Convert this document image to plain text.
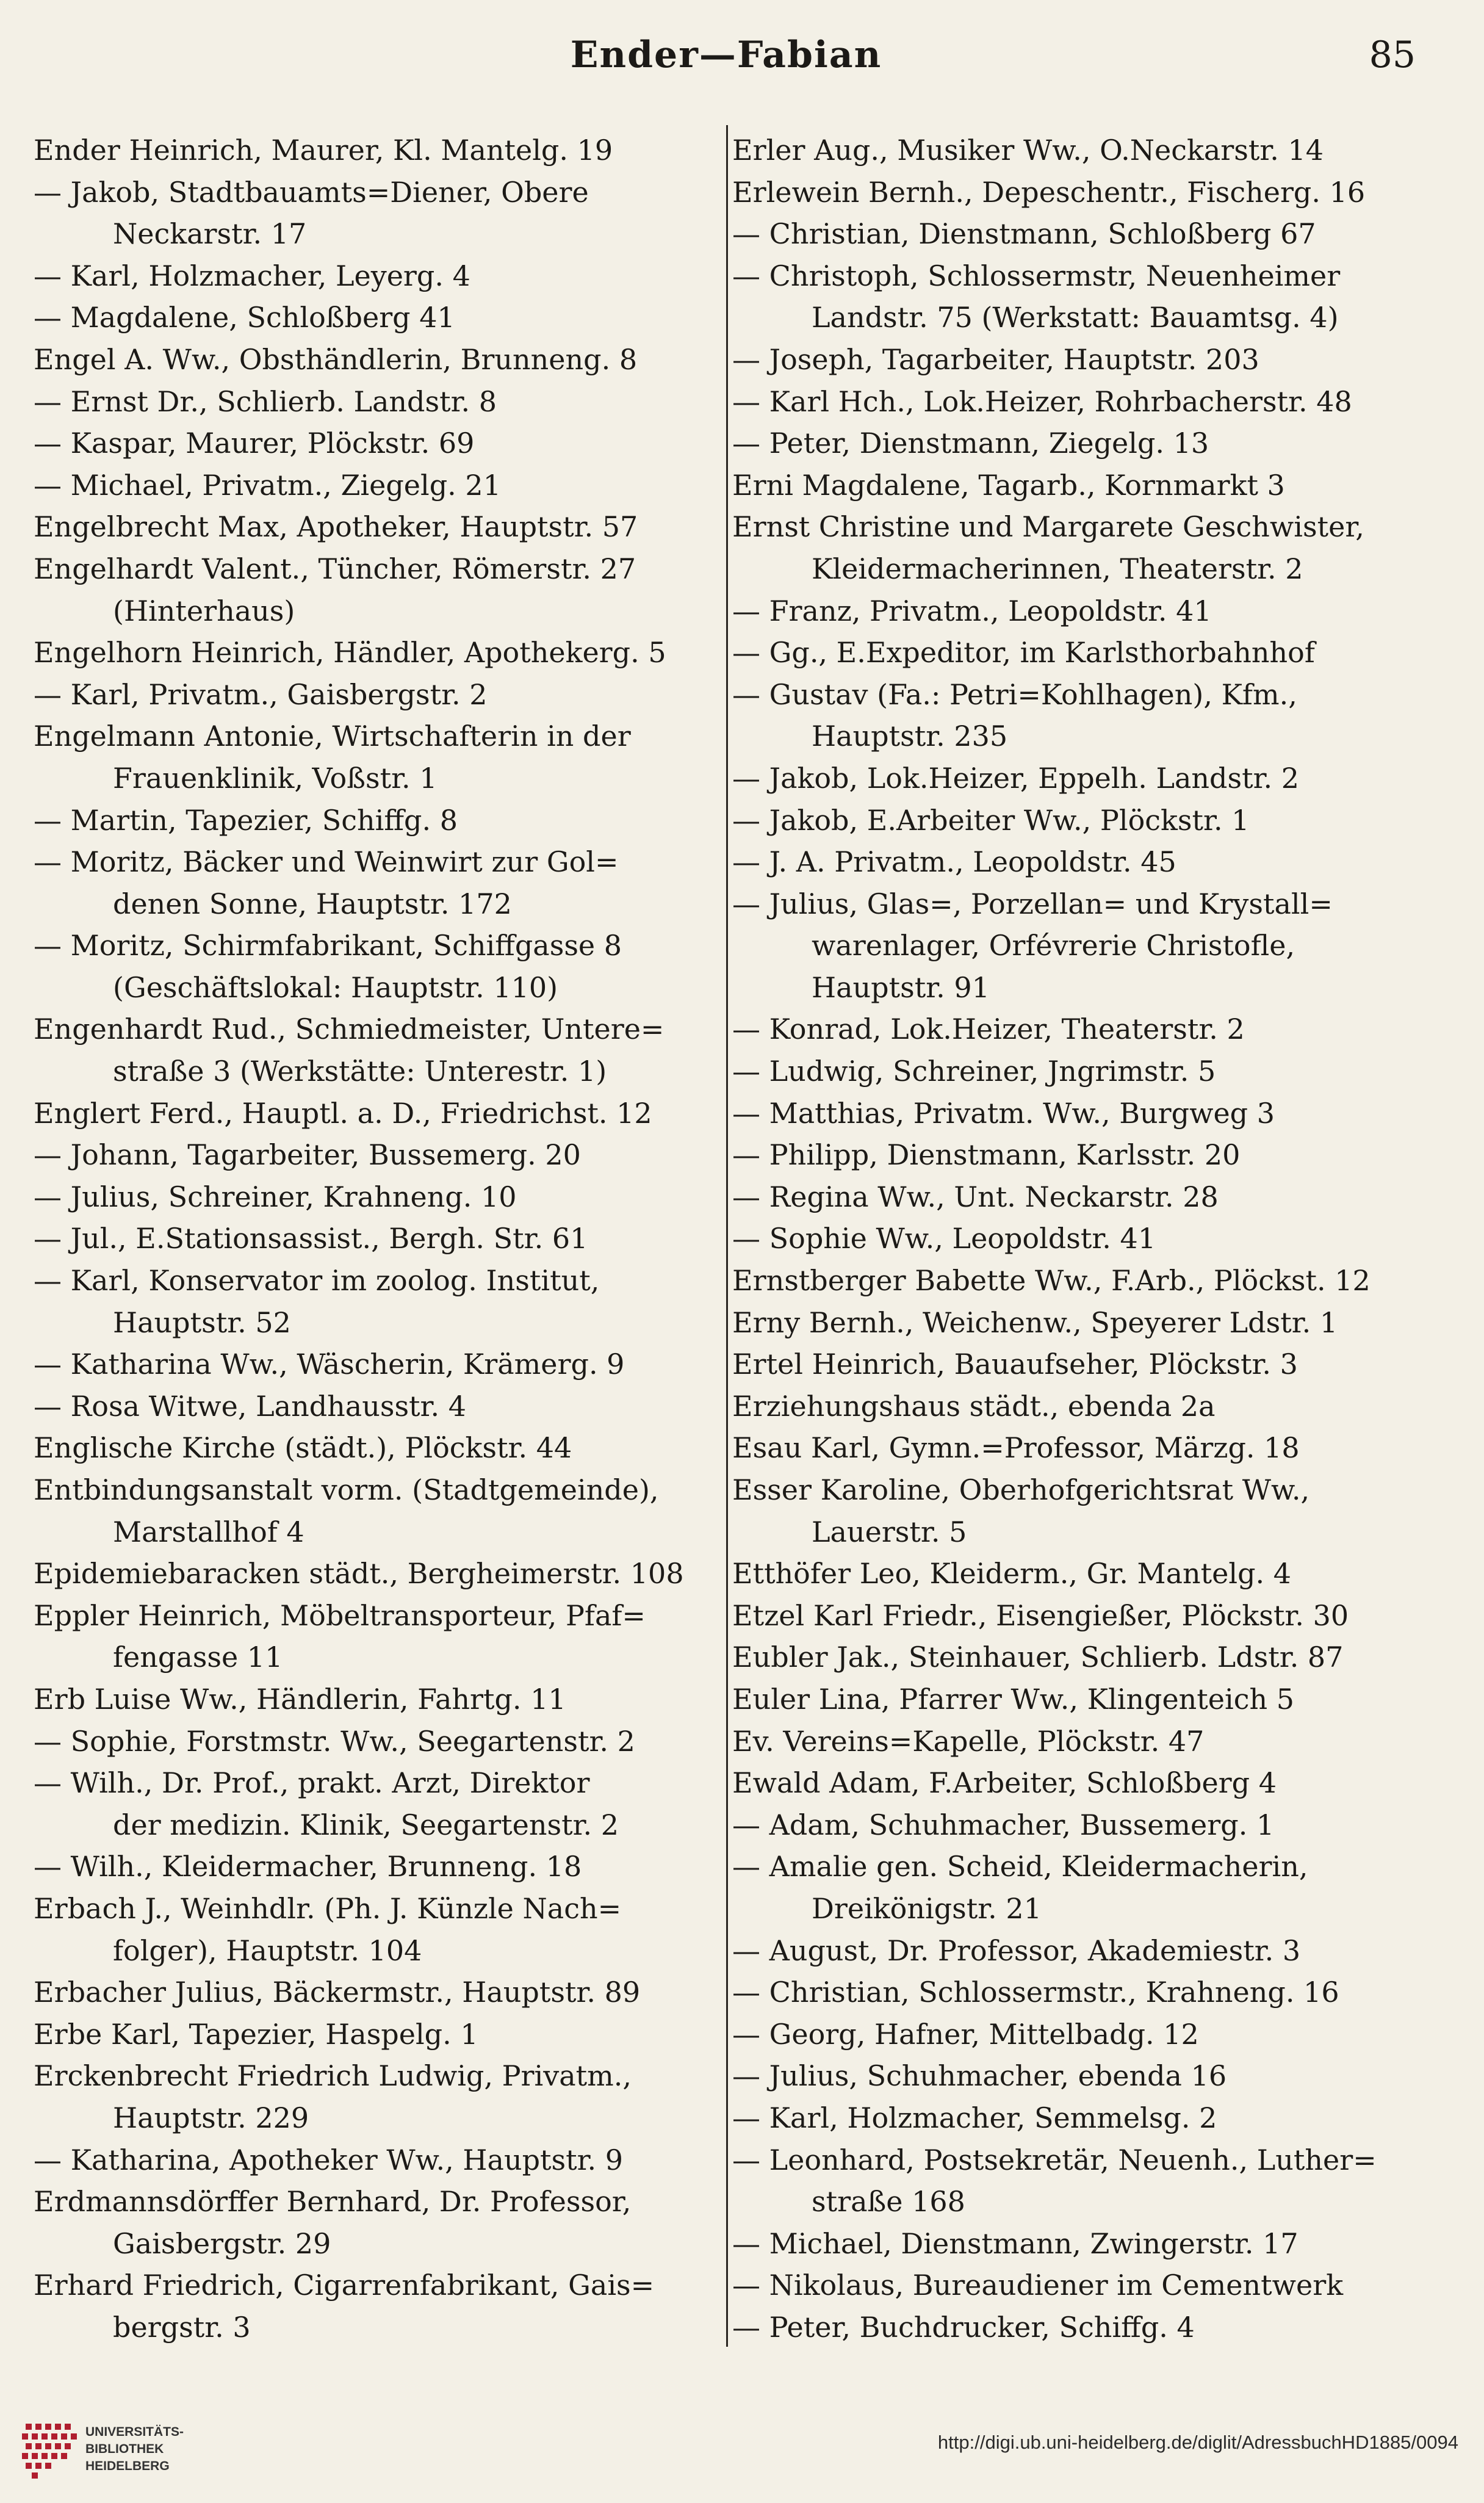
Ender—Fabian	85
Ender Heinrich, Maurer, Kl. Mantelg. 19
— Jakob, Stadtbauamts=Diener, Obere
Neckarstr. 17
— Karl, Holzmacher, Leyerg. 4
— Magdalene, Schloßberg 41
Engel A. Ww., Obsthändlerin, Brunneng. 8
— Ernst Dr., Schlierb. Landstr. 8
— Kaspar, Maurer, Plöckstr. 69
— Michael, Privatm., Ziegelg. 21
Engelbrecht Max, Apotheker, Hauptstr. 57
Engelhardt Valent., Tüncher, Römerstr. 27
(Hinterhaus)
Engelhorn Heinrich, Händler, Apothekerg. 5
— Karl, Privatm., Gaisbergstr. 2
Engelmann Antonie, Wirtschafterin in der
Frauenklinik, Voßstr. 1
— Martin, Tapezier, Schiffg. 8
— Moritz, Bäcker und Weinwirt zur Gol=
denen Sonne, Hauptstr. 172
— Moritz, Schirmfabrikant, Schiffgasse 8
(Geschäftslokal: Hauptstr. 110)
Engenhardt Rud., Schmiedmeister, Untere=
straße 3 (Werkstätte: Unterestr. 1)
Englert Ferd., Hauptl. a. D., Friedrichst. 12
— Johann, Tagarbeiter, Bussemerg. 20
— Julius, Schreiner, Krahneng. 10
— Jul., E.Stationsassist., Bergh. Str. 61
— Karl, Konservator im zoolog. Institut,
Hauptstr. 52
— Katharina Ww., Wäscherin, Krämerg. 9
— Rosa Witwe, Landhausstr. 4
Englische Kirche (städt.), Plöckstr. 44
Entbindungsanstalt vorm. (Stadtgemeinde),
Marstallhof 4
Epidemiebaracken städt., Bergheimerstr. 108
Eppler Heinrich, Möbeltransporteur, Pfaf=
fengasse 11
Erb Luise Ww., Händlerin, Fahrtg. 11
— Sophie, Forstmstr. Ww., Seegartenstr. 2
— Wilh., Dr. Prof., prakt. Arzt, Direktor
der medizin. Klinik, Seegartenstr. 2
— Wilh., Kleidermacher, Brunneng. 18
Erbach J., Weinhdlr. (Ph. J. Künzle Nach=
folger), Hauptstr. 104
Erbacher Julius, Bäckermstr., Hauptstr. 89
Erbe Karl, Tapezier, Haspelg. 1
Erckenbrecht Friedrich Ludwig, Privatm.,
Hauptstr. 229
— Katharina, Apotheker Ww., Hauptstr. 9
Erdmannsdörffer Bernhard, Dr. Professor,
Gaisbergstr. 29
Erhard Friedrich, Cigarrenfabrikant, Gais=
bergstr. 3
Erler Aug., Musiker Ww., O.Neckarstr. 14
Erlewein Bernh., Depeschentr., Fischerg. 16
— Christian, Dienstmann, Schloßberg 67
— Christoph, Schlossermstr, Neuenheimer
Landstr. 75 (Werkstatt: Bauamtsg. 4)
— Joseph, Tagarbeiter, Hauptstr. 203
— Karl Hch., Lok.Heizer, Rohrbacherstr. 48
— Peter, Dienstmann, Ziegelg. 13
Erni Magdalene, Tagarb., Kornmarkt 3
Ernst Christine und Margarete Geschwister,
Kleidermacherinnen, Theaterstr. 2
— Franz, Privatm., Leopoldstr. 41
— Gg., E.Expeditor, im Karlsthorbahnhof
— Gustav (Fa.: Petri=Kohlhagen), Kfm.,
Hauptstr. 235
— Jakob, Lok.Heizer, Eppelh. Landstr. 2
— Jakob, E.Arbeiter Ww., Plöckstr. 1
— J. A. Privatm., Leopoldstr. 45
— Julius, Glas=, Porzellan= und Krystall=
warenlager, Orfévrerie Christofle,
Hauptstr. 91
— Konrad, Lok.Heizer, Theaterstr. 2
— Ludwig, Schreiner, Jngrimstr. 5
— Matthias, Privatm. Ww., Burgweg 3
— Philipp, Dienstmann, Karlsstr. 20
— Regina Ww., Unt. Neckarstr. 28
— Sophie Ww., Leopoldstr. 41
Ernstberger Babette Ww., F.Arb., Plöckst. 12
Erny Bernh., Weichenw., Speyerer Ldstr. 1
Ertel Heinrich, Bauaufseher, Plöckstr. 3
Erziehungshaus städt., ebenda 2a
Esau Karl, Gymn.=Professor, Märzg. 18
Esser Karoline, Oberhofgerichtsrat Ww.,
Lauerstr. 5
Etthöfer Leo, Kleiderm., Gr. Mantelg. 4
Etzel Karl Friedr., Eisengießer, Plöckstr. 30
Eubler Jak., Steinhauer, Schlierb. Ldstr. 87
Euler Lina, Pfarrer Ww., Klingenteich 5
Ev. Vereins=Kapelle, Plöckstr. 47
Ewald Adam, F.Arbeiter, Schloßberg 4
— Adam, Schuhmacher, Bussemerg. 1
— Amalie gen. Scheid, Kleidermacherin,
Dreikönigstr. 21
— August, Dr. Professor, Akademiestr. 3
— Christian, Schlossermstr., Krahneng. 16
— Georg, Hafner, Mittelbadg. 12
— Julius, Schuhmacher, ebenda 16
— Karl, Holzmacher, Semmelsg. 2
— Leonhard, Postsekretär, Neuenh., Luther=
straße 168
— Michael, Dienstmann, Zwingerstr. 17
— Nikolaus, Bureaudiener im Cementwerk
— Peter, Buchdrucker, Schiffg. 4
UNIVERSITÄTS-
BIBLIOTHEK
HEIDELBERG
http://digi.ub.uni-heidelberg.de/diglit/AdressbuchHD1885/0094
